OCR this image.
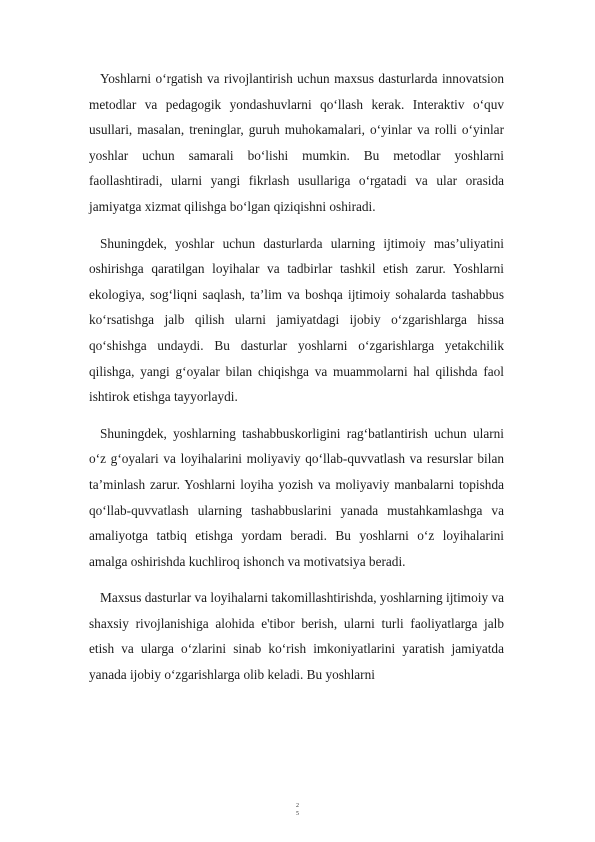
Yoshlarni o‘rgatish va rivojlantirish uchun maxsus dasturlarda innovatsion metodlar va pedagogik yondashuvlarni qo‘llash kerak. Interaktiv o‘quv usullari, masalan, treninglar, guruh muhokamalari, o‘yinlar va rolli o‘yinlar yoshlar uchun samarali bo‘lishi mumkin. Bu metodlar yoshlarni faollashtiradi, ularni yangi fikrlash usullariga o‘rgatadi va ular orasida jamiyatga xizmat qilishga bo‘lgan qiziqishni oshiradi.

Shuningdek, yoshlar uchun dasturlarda ularning ijtimoiy mas’uliyatini oshirishga qaratilgan loyihalar va tadbirlar tashkil etish zarur. Yoshlarni ekologiya, sog‘liqni saqlash, ta’lim va boshqa ijtimoiy sohalarda tashabbus ko‘rsatishga jalb qilish ularni jamiyatdagi ijobiy o‘zgarishlarga hissa qo‘shishga undaydi. Bu dasturlar yoshlarni o‘zgarishlarga yetakchilik qilishga, yangi g‘oyalar bilan chiqishga va muammolarni hal qilishda faol ishtirok etishga tayyorlaydi.

Shuningdek, yoshlarning tashabbuskorligini rag‘batlantirish uchun ularni o‘z g‘oyalari va loyihalarini moliyaviy qo‘llab-quvvatlash va resurslar bilan ta’minlash zarur. Yoshlarni loyiha yozish va moliyaviy manbalarni topishda qo‘llab-quvvatlash ularning tashabbuslarini yanada mustahkamlashga va amaliyotga tatbiq etishga yordam beradi. Bu yoshlarni o‘z loyihalarini amalga oshirishda kuchliroq ishonch va motivatsiya beradi.

Maxsus dasturlar va loyihalarni takomillashtirishda, yoshlarning ijtimoiy va shaxsiy rivojlanishiga alohida e'tibor berish, ularni turli faoliyatlarga jalb etish va ularga o‘zlarini sinab ko‘rish imkoniyatlarini yaratish jamiyatda yanada ijobiy o‘zgarishlarga olib keladi. Bu yoshlarni

2
5
